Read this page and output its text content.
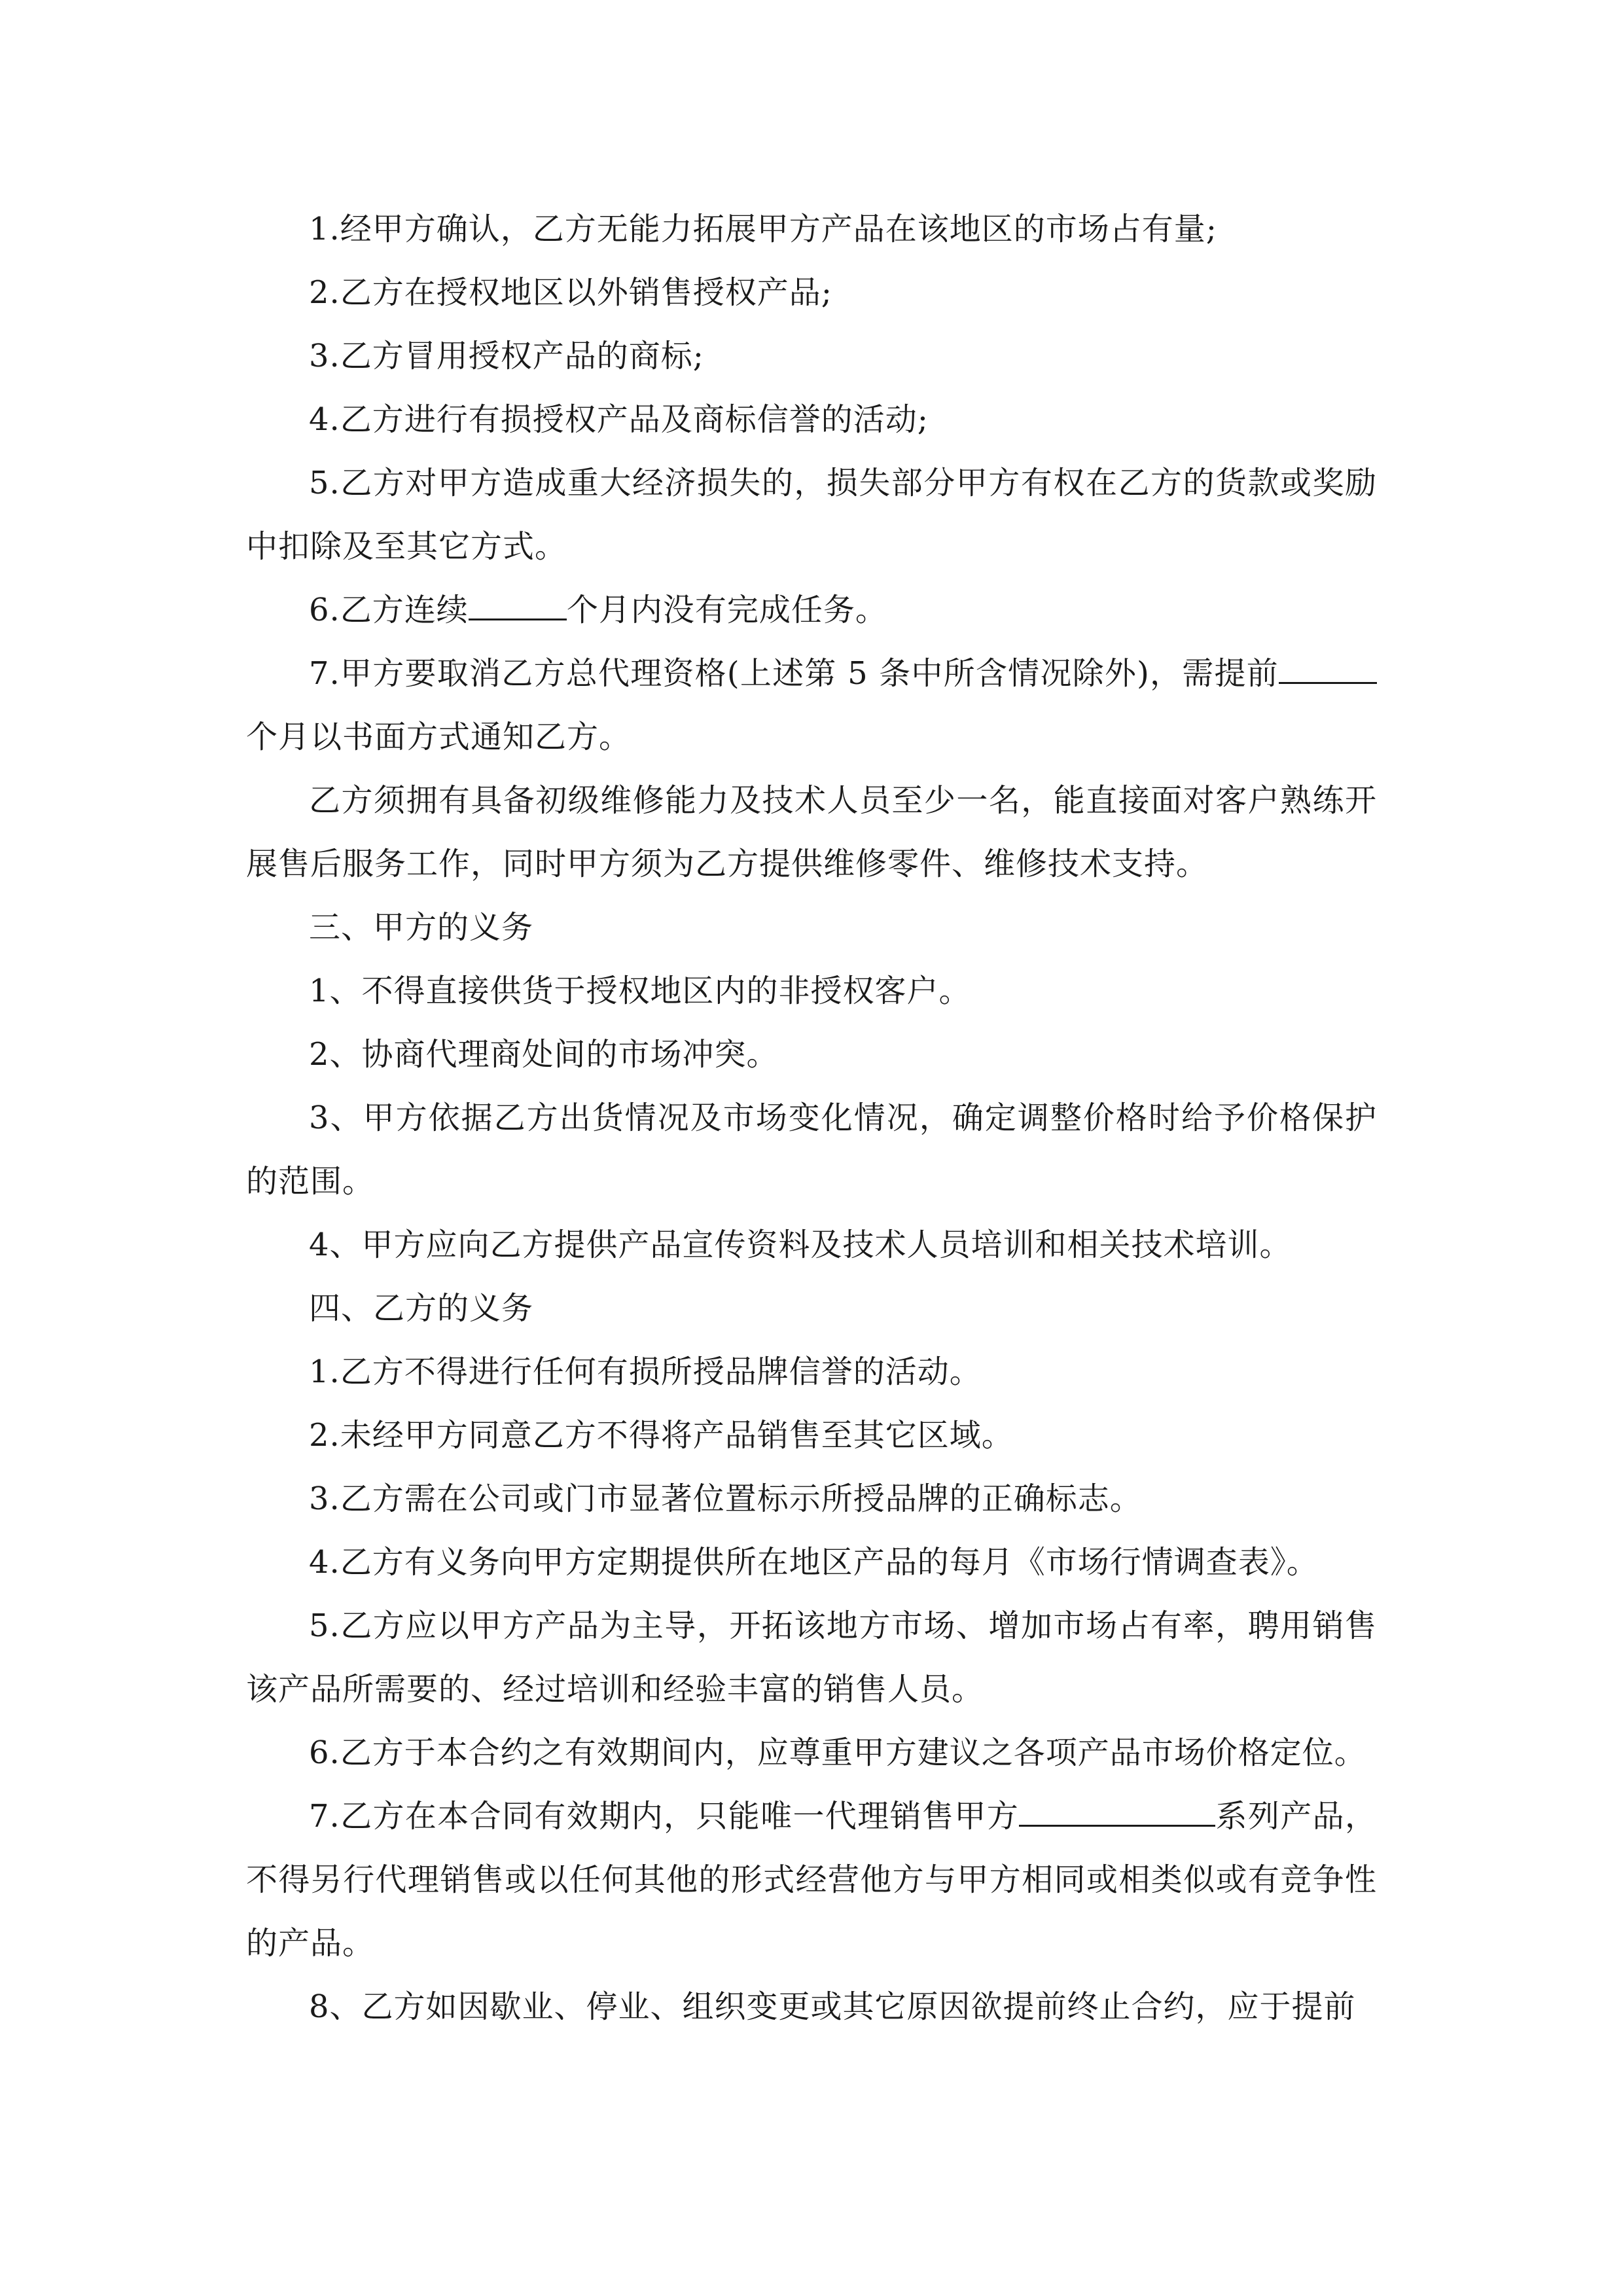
1.经甲方确认，乙方无能力拓展甲方产品在该地区的市场占有量;

2.乙方在授权地区以外销售授权产品;

3.乙方冒用授权产品的商标;

4.乙方进行有损授权产品及商标信誉的活动;

5.乙方对甲方造成重大经济损失的，损失部分甲方有权在乙方的货款或奖励中扣除及至其它方式。

6.乙方连续	个月内没有完成任务。

7.甲方要取消乙方总代理资格(上述第 5 条中所含情况除外)，需提前个月以书面方式通知乙方。

乙方须拥有具备初级维修能力及技术人员至少一名，能直接面对客户熟练开展售后服务工作，同时甲方须为乙方提供维修零件、维修技术支持。

三、甲方的义务

1、不得直接供货于授权地区内的非授权客户。

2、协商代理商处间的市场冲突。

3、甲方依据乙方出货情况及市场变化情况，确定调整价格时给予价格保护的范围。

4、甲方应向乙方提供产品宣传资料及技术人员培训和相关技术培训。

四、乙方的义务

1.乙方不得进行任何有损所授品牌信誉的活动。

2.未经甲方同意乙方不得将产品销售至其它区域。

3.乙方需在公司或门市显著位置标示所授品牌的正确标志。

4.乙方有义务向甲方定期提供所在地区产品的每月《市场行情调查表》。

5.乙方应以甲方产品为主导，开拓该地方市场、增加市场占有率，聘用销售该产品所需要的、经过培训和经验丰富的销售人员。

6.乙方于本合约之有效期间内，应尊重甲方建议之各项产品市场价格定位。

7.乙方在本合同有效期内，只能唯一代理销售甲方	系列产品，不得另行代理销售或以任何其他的形式经营他方与甲方相同或相类似或有竞争性的产品。

8、乙方如因歇业、停业、组织变更或其它原因欲提前终止合约，应于提前
